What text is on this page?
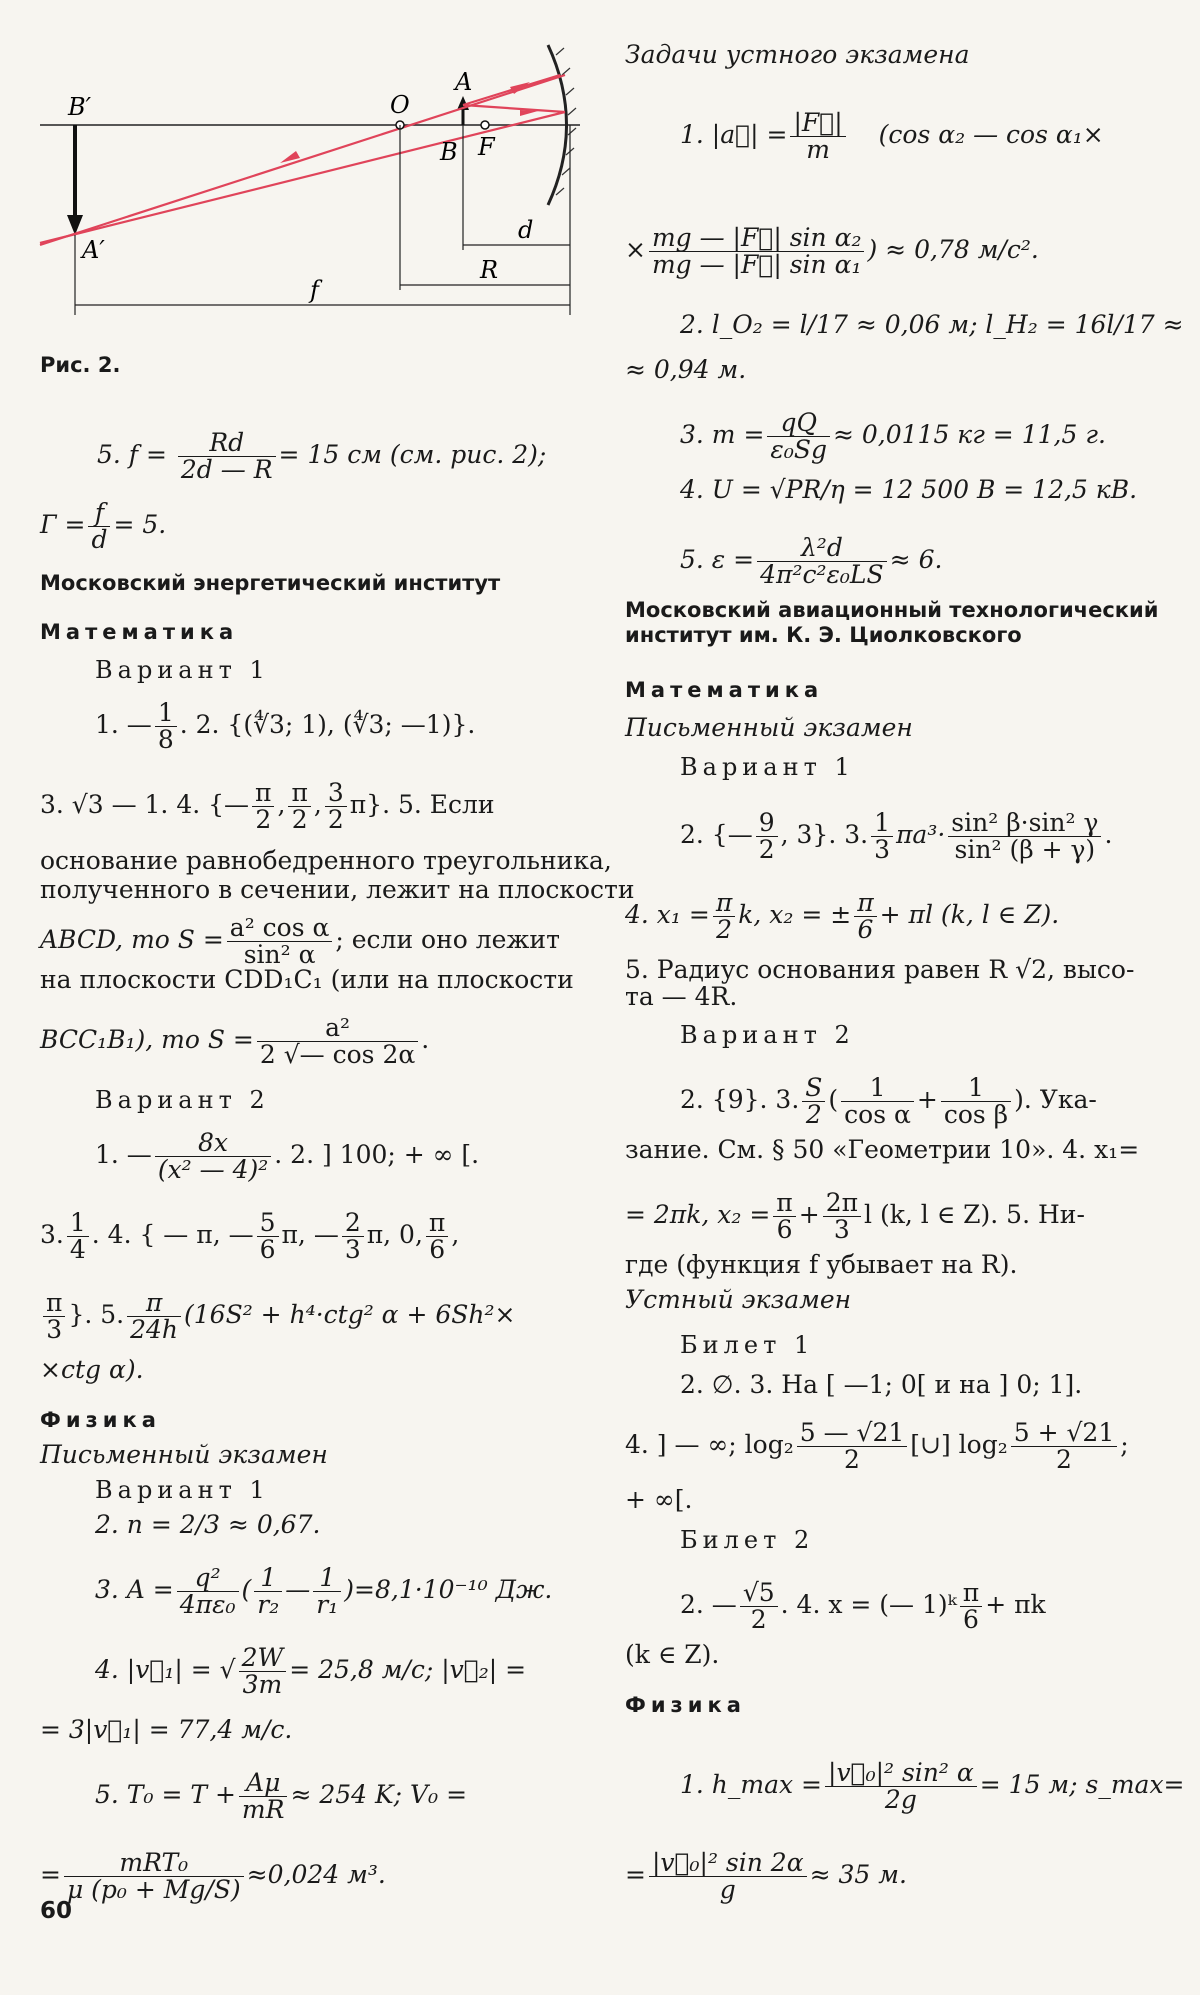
B′
A′
O
A
B F
d
R
f
Рис. 2.
5. $f = \frac{Rd}{2d — R} = 15$ см (см. рис. 2);
$Г = \frac{f}{d} = 5$.
Московский энергетический институт
Математика
Вариант 1
1. — $\frac{1}{8}$ . 2. {(∜3; 1), (∜3; —1)}.
3. √3 — 1. 4. {— $\frac{\pi}{2}$ , $\frac{\pi}{2}$ , $\frac{3}{2} \pi$}. 5. Если
основание равнобедренного треугольника,
полученного в сечении, лежит на плоскости
ABCD, то $S = \frac{\text{a² cos α}}{\text{sin² α}}$ ; если оно лежит
на плоскости CDD₁C₁ (или на плоскости
BCC₁B₁), то $S = \frac{\text{a²}}{2 √— \cos 2\alpha}$ .
Вариант 2
1. — $\frac{8x}{\text{(x² — 4)²}}$ . 2. ] 100; + ∞ [.
3. $\frac{1}{4}$ . 4. { — π, — $\frac{5}{6} \pi$, — $\frac{2}{3} \pi$, 0, $\frac{\pi}{6}$ ,
$\frac{\pi}{3}$ }. 5. $\frac{\pi}{24h} (16S^2 + h^4\cdot ctg^2$ α + 6Sh²×
×ctg α).
Физика
Письменный экзамен
Вариант 1
2. n = 2/3 ≈ 0,67.
3. $A = \frac{\text{q²}}{\text{4πε₀}}$ ( $\frac{1}{\text{r₂}}$ — $\frac{1}{\text{r₁}} )=8,1\cdot 10^{-10}$ Дж.
4. |v⃗₁| = √ $\frac{2W}{3m} = 25,8$ м/с; |v⃗₂| =
= 3|v⃗₁| = 77,4 м/с.
5. $T_0 = T + \frac{A\mu}{mR} \approx 254$ K; V₀ =
= $\frac{\text{mRT₀}}{\text{μ (p₀ + Mg/S)}} \approx 0,024$ м³.
Задачи устного экзамена
1. |a⃗| = $\frac{|F⃗|}{m} (\cos$ α₂ — cos α₁×
× $\frac{\text{mg — |F⃗| sin α₂}}{\text{mg — |F⃗| sin α₁}}$ ) ≈ 0,78 м/с².
2. l_O₂ = l/17 ≈ 0,06 м; l_H₂ = 16l/17 ≈
≈ 0,94 м.
3. $m = \frac{qQ}{\text{ε₀Sg}} \approx 0,0115$ кг = 11,5 г.
4. U = √PR/η = 12 500 В = 12,5 кВ.
5. $\varepsilon = \frac{\text{λ²d}}{\text{4π²c²ε₀LS}} \approx 6$.
Московский авиационный технологический
институт им. К. Э. Циолковского
Математика
Письменный экзамен
Вариант 1
2. {— $\frac{9}{2}$ , 3}. 3. $\frac{1}{3} \pi a^3\cdot \frac{\text{sin² β·sin² γ}}{\text{sin² (β + γ)}}$ .
4. $x_1 = \frac{\pi}{2} k$, x₂ = ± $\frac{\pi}{6} + \pi l$ (k, l ∈ Z).
5. Радиус основания равен R √2, высо-
та — 4R.
Вариант 2
2. {9}. 3. $\frac{S}{2}$ ( $\frac{1}{\text{cos α}} + \frac{1}{\text{cos β}}$ ). Ука-
зание. См. § 50 «Геометрии 10». 4. x₁=
= 2πk, $x_2 = \frac{\pi}{6} + \frac{2\pi}{3}$ l (k, l ∈ Z). 5. Ни-
где (функция f убывает на R).
Устный экзамен
Билет 1
2. ∅. 3. На [ —1; 0[ и на ] 0; 1].
4. ] — ∞; $\log_2 \frac{5 — √21}{2}$ [∪] $\log_2 \frac{5 + √21}{2}$ ;
+ ∞[.
Билет 2
2. — $\frac{√5}{2}$ . 4. x = (— 1)ᵏ $\frac{\pi}{6} + \pi k$
(k ∈ Z).
Физика
1. h_max = $\frac{\text{|v⃗₀|² sin² α}}{2g} = 15$ м; s_max=
= $\frac{\text{|v⃗₀|² sin 2α}}{g} \approx 35$ м.
60
